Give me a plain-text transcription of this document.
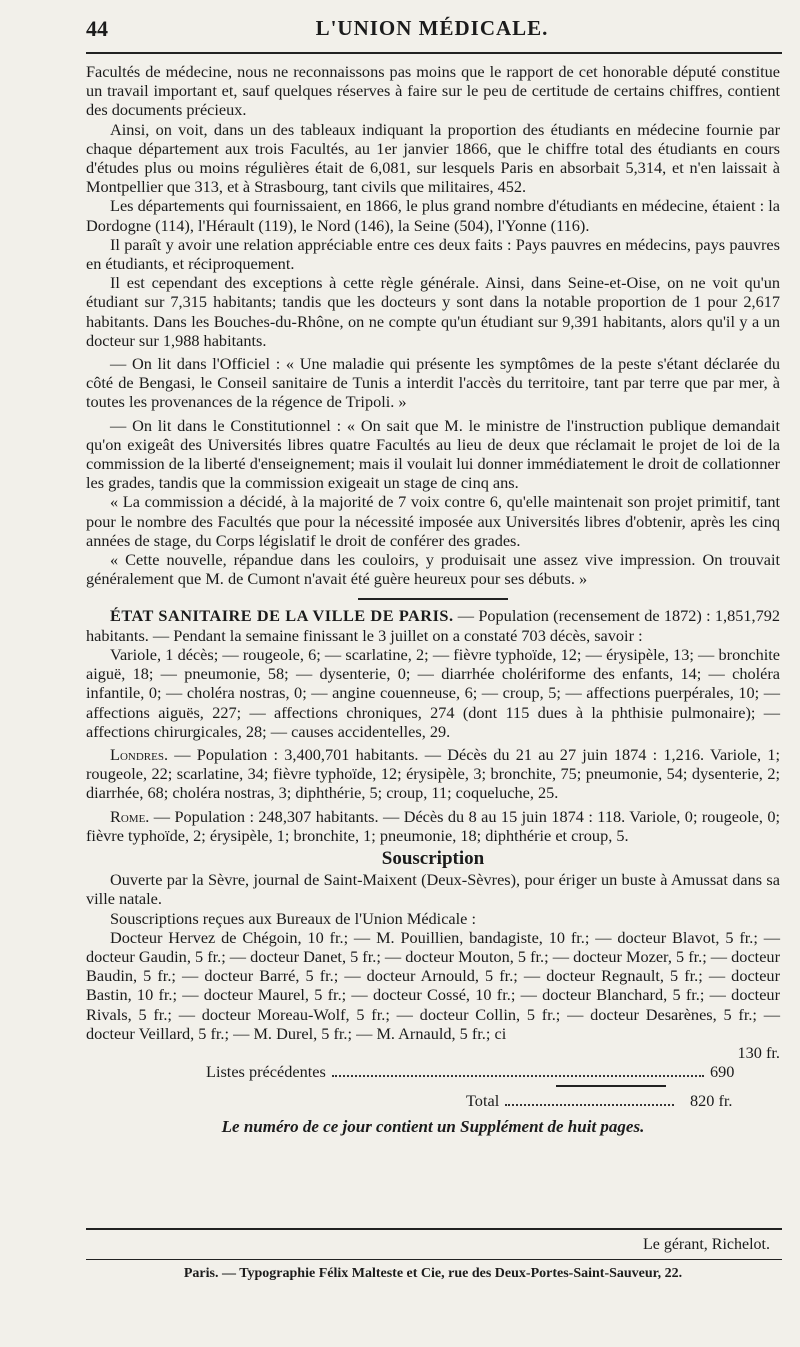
44	L'UNION MÉDICALE.

Facultés de médecine, nous ne reconnaissons pas moins que le rapport de cet honorable député constitue un travail important et, sauf quelques réserves à faire sur le peu de certitude de certains chiffres, contient des documents précieux.

Ainsi, on voit, dans un des tableaux indiquant la proportion des étudiants en médecine fournie par chaque département aux trois Facultés, au 1er janvier 1866, que le chiffre total des étudiants en cours d'études plus ou moins régulières était de 6,081, sur lesquels Paris en absorbait 5,314, et n'en laissait à Montpellier que 313, et à Strasbourg, tant civils que militaires, 452.

Les départements qui fournissaient, en 1866, le plus grand nombre d'étudiants en médecine, étaient : la Dordogne (114), l'Hérault (119), le Nord (146), la Seine (504), l'Yonne (116).

Il paraît y avoir une relation appréciable entre ces deux faits : Pays pauvres en médecins, pays pauvres en étudiants, et réciproquement.

Il est cependant des exceptions à cette règle générale. Ainsi, dans Seine-et-Oise, on ne voit qu'un étudiant sur 7,315 habitants; tandis que les docteurs y sont dans la notable proportion de 1 pour 2,617 habitants. Dans les Bouches-du-Rhône, on ne compte qu'un étudiant sur 9,391 habitants, alors qu'il y a un docteur sur 1,988 habitants.

— On lit dans l'Officiel : « Une maladie qui présente les symptômes de la peste s'étant déclarée du côté de Bengasi, le Conseil sanitaire de Tunis a interdit l'accès du territoire, tant par terre que par mer, à toutes les provenances de la régence de Tripoli. »

— On lit dans le Constitutionnel : « On sait que M. le ministre de l'instruction publique demandait qu'on exigeât des Universités libres quatre Facultés au lieu de deux que réclamait le projet de loi de la commission de la liberté d'enseignement; mais il voulait lui donner immédiatement le droit de collationner les grades, tandis que la commission exigeait un stage de cinq ans.

« La commission a décidé, à la majorité de 7 voix contre 6, qu'elle maintenait son projet primitif, tant pour le nombre des Facultés que pour la nécessité imposée aux Universités libres d'obtenir, après les cinq années de stage, du Corps législatif le droit de conférer des grades.

« Cette nouvelle, répandue dans les couloirs, y produisait une assez vive impression. On trouvait généralement que M. de Cumont n'avait été guère heureux pour ses débuts. »

ÉTAT SANITAIRE DE LA VILLE DE PARIS. — Population (recensement de 1872) : 1,851,792 habitants. — Pendant la semaine finissant le 3 juillet on a constaté 703 décès, savoir :

Variole, 1 décès; — rougeole, 6; — scarlatine, 2; — fièvre typhoïde, 12; — érysipèle, 13; — bronchite aiguë, 18; — pneumonie, 58; — dysenterie, 0; — diarrhée cholériforme des enfants, 14; — choléra infantile, 0; — choléra nostras, 0; — angine couenneuse, 6; — croup, 5; — affections puerpérales, 10; — affections aiguës, 227; — affections chroniques, 274 (dont 115 dues à la phthisie pulmonaire); — affections chirurgicales, 28; — causes accidentelles, 29.

Londres. — Population : 3,400,701 habitants. — Décès du 21 au 27 juin 1874 : 1,216. Variole, 1; rougeole, 22; scarlatine, 34; fièvre typhoïde, 12; érysipèle, 3; bronchite, 75; pneumonie, 54; dysenterie, 2; diarrhée, 68; choléra nostras, 3; diphthérie, 5; croup, 11; coqueluche, 25.

Rome. — Population : 248,307 habitants. — Décès du 8 au 15 juin 1874 : 118. Variole, 0; rougeole, 0; fièvre typhoïde, 2; érysipèle, 1; bronchite, 1; pneumonie, 18; diphthérie et croup, 5.

Souscription

Ouverte par la Sèvre, journal de Saint-Maixent (Deux-Sèvres), pour ériger un buste à Amussat dans sa ville natale.

Souscriptions reçues aux Bureaux de l'Union Médicale :

Docteur Hervez de Chégoin, 10 fr.; — M. Pouillien, bandagiste, 10 fr.; — docteur Blavot, 5 fr.; — docteur Gaudin, 5 fr.; — docteur Danet, 5 fr.; — docteur Mouton, 5 fr.; — docteur Mozer, 5 fr.; — docteur Baudin, 5 fr.; — docteur Barré, 5 fr.; — docteur Arnould, 5 fr.; — docteur Regnault, 5 fr.; — docteur Bastin, 10 fr.; — docteur Maurel, 5 fr.; — docteur Cossé, 10 fr.; — docteur Blanchard, 5 fr.; — docteur Rivals, 5 fr.; — docteur Moreau-Wolf, 5 fr.; — docteur Collin, 5 fr.; — docteur Desarènes, 5 fr.; — docteur Veillard, 5 fr.; — M. Durel, 5 fr.; — M. Arnauld, 5 fr.; ci

130 fr.
Listes précédentes	690
Total	820 fr.
Le numéro de ce jour contient un Supplément de huit pages.
Le gérant, Richelot.
Paris. — Typographie Félix Malteste et Cie, rue des Deux-Portes-Saint-Sauveur, 22.
